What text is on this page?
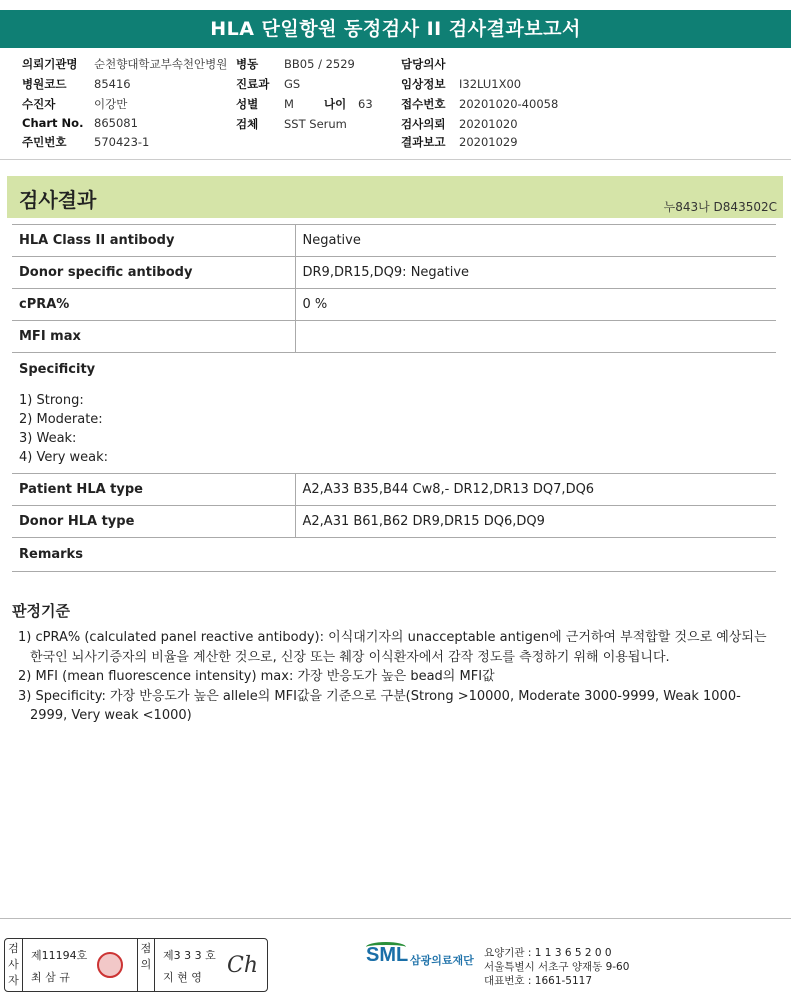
HLA 단일항원 동정검사 II 검사결과보고서
의뢰기관명 순천향대학교부속천안병원 병동 BB05 / 2529	담당의사
병원코드 85416	진료과 GS	임상정보 I32LU1X00
수진자	이강만	성별 M	나이 63 접수번호 20201020-40058
Chart No. 865081	검체 SST Serum	검사의뢰 20201020
주민번호 570423-1	결과보고 20201029
검사결과	누843나 D843502C
HLA Class II antibody	Negative
Donor specific antibody	DR9,DR15,DQ9: Negative
cPRA%	0 %
MFI max	
Specificity	

1) Strong:
2) Moderate:
3) Weak:
4) Very weak:	

Patient HLA type	A2,A33 B35,B44 Cw8,- DR12,DR13 DQ7,DQ6
Donor HLA type	A2,A31 B61,B62 DR9,DR15 DQ6,DQ9
Remarks	
판정기준
1) cPRA% (calculated panel reactive antibody): 이식대기자의 unacceptable antigen에 근거하여 부적합할 것으로 예상되는 한국인 뇌사기증자의 비율을 계산한 것으로, 신장 또는 췌장 이식환자에서 감작 정도를 측정하기 위해 이용됩니다.
2) MFI (mean fluorescence intensity) max: 가장 반응도가 높은 bead의 MFI값
3) Specificity: 가장 반응도가 높은 allele의 MFI값을 기준으로 구분(Strong >10000, Moderate 3000-9999, Weak 1000-2999, Very weak <1000)
검사자
제11194호
최 삼 규
점의
제3 3 3 호
지 현 영 Ch	SML 삼광의료재단
요양기관 : 1 1 3 6 5 2 0 0
서울특별시 서초구 양재동 9-60
대표번호 : 1661-5117
